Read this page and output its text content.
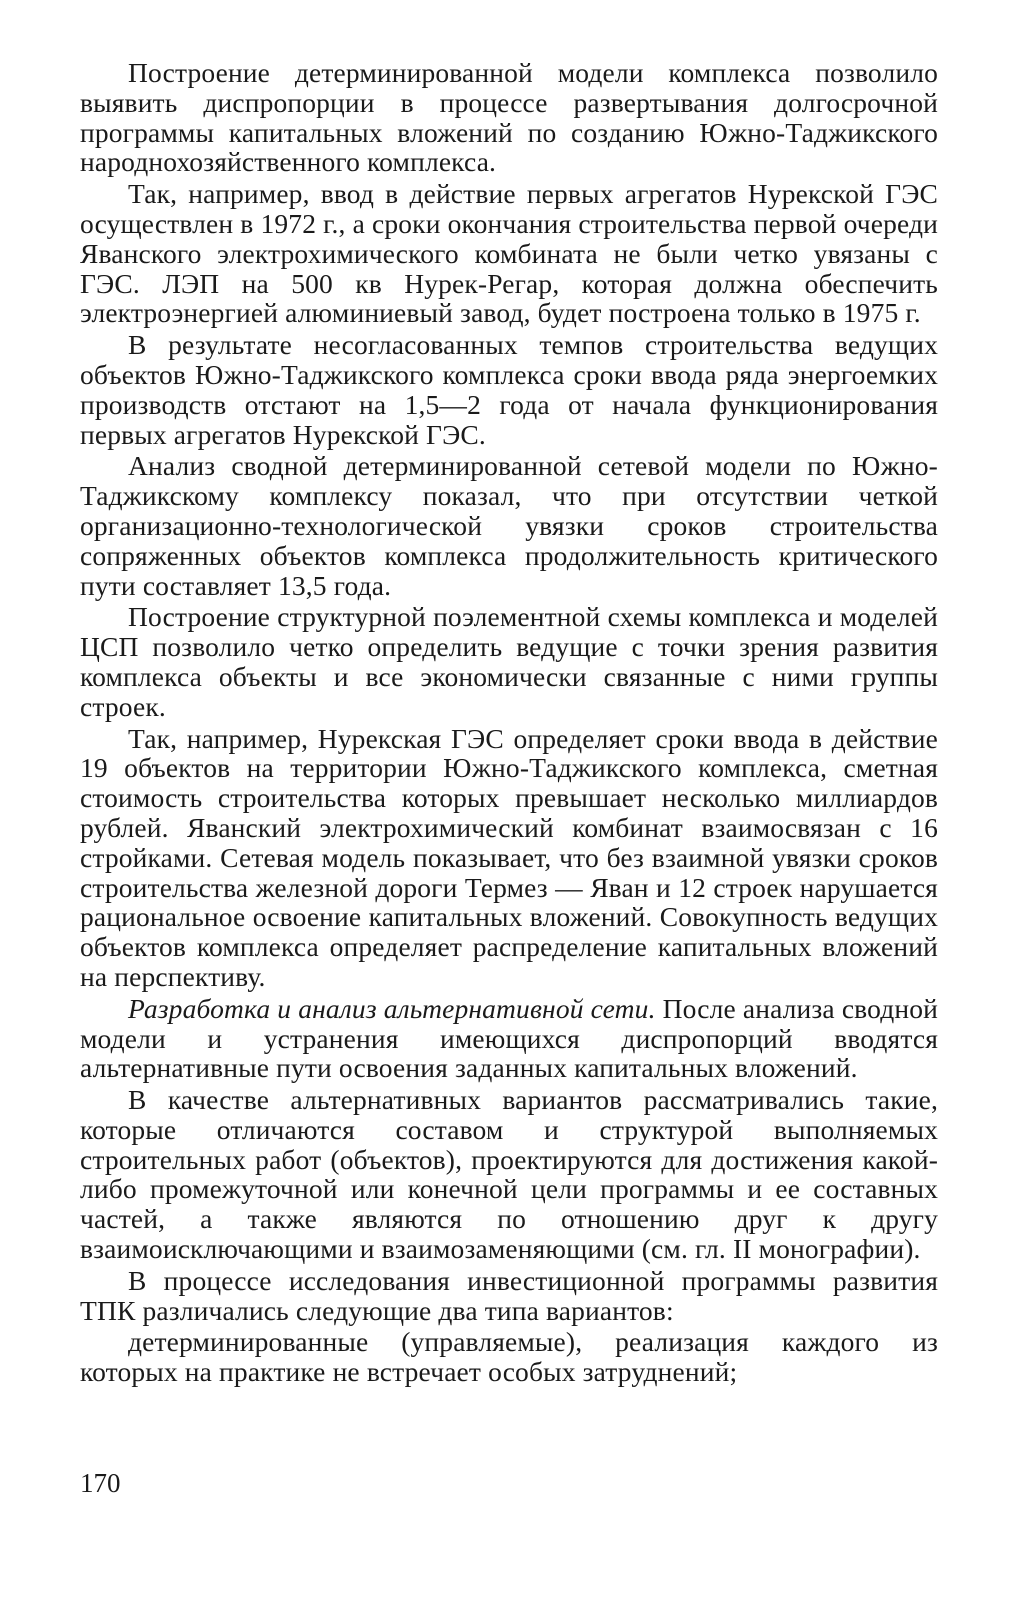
Построение детерминированной модели комплекса позволило выявить диспропорции в процессе развертывания долгосрочной программы капитальных вложений по созданию Южно-Таджикского народнохозяйственного комплекса.

Так, например, ввод в действие первых агрегатов Нурекской ГЭС осуществлен в 1972 г., а сроки окончания строительства первой очереди Яванского электрохимического комбината не были четко увязаны с ГЭС. ЛЭП на 500 кв Нурек-Регар, которая должна обеспечить электроэнергией алюминиевый завод, будет построена только в 1975 г.

В результате несогласованных темпов строительства ведущих объектов Южно-Таджикского комплекса сроки ввода ряда энергоемких производств отстают на 1,5—2 года от начала функционирования первых агрегатов Нурекской ГЭС.

Анализ сводной детерминированной сетевой модели по Южно-Таджикскому комплексу показал, что при отсутствии четкой организационно-технологической увязки сроков строительства сопряженных объектов комплекса продолжительность критического пути составляет 13,5 года.

Построение структурной поэлементной схемы комплекса и моделей ЦСП позволило четко определить ведущие с точки зрения развития комплекса объекты и все экономически связанные с ними группы строек.

Так, например, Нурекская ГЭС определяет сроки ввода в действие 19 объектов на территории Южно-Таджикского комплекса, сметная стоимость строительства которых превышает несколько миллиардов рублей. Яванский электрохимический комбинат взаимосвязан с 16 стройками. Сетевая модель показывает, что без взаимной увязки сроков строительства железной дороги Термез — Яван и 12 строек нарушается рациональное освоение капитальных вложений. Совокупность ведущих объектов комплекса определяет распределение капитальных вложений на перспективу.

Разработка и анализ альтернативной сети. После анализа сводной модели и устранения имеющихся диспропорций вводятся альтернативные пути освоения заданных капитальных вложений.

В качестве альтернативных вариантов рассматривались такие, которые отличаются составом и структурой выполняемых строительных работ (объектов), проектируются для достижения какой-либо промежуточной или конечной цели программы и ее составных частей, а также являются по отношению друг к другу взаимоисключающими и взаимозаменяющими (см. гл. II монографии).

В процессе исследования инвестиционной программы развития ТПК различались следующие два типа вариантов:

детерминированные (управляемые), реализация каждого из которых на практике не встречает особых затруднений;

170
